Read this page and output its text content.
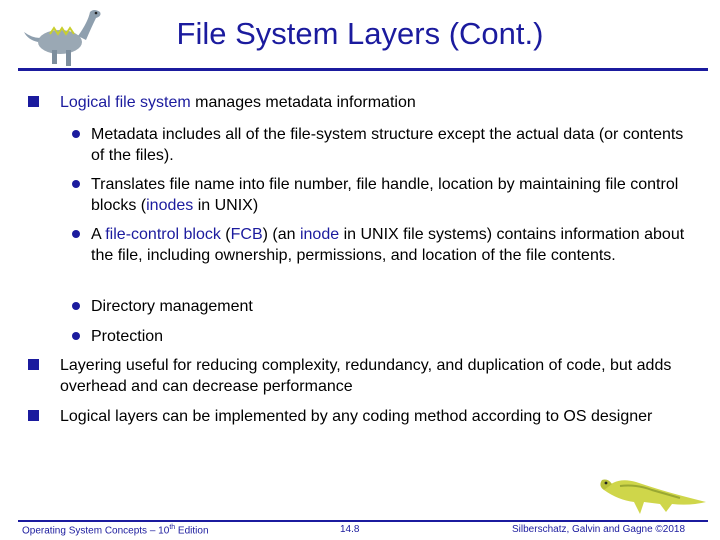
File System Layers (Cont.)
Logical file system manages metadata information
Metadata includes all of the file-system structure except the actual data (or contents of the files).
Translates file name into file number, file handle, location by maintaining file control blocks (inodes in UNIX)
A file-control block (FCB) (an inode in UNIX file systems) contains information about the file, including ownership, permissions, and location of the file contents.
Directory management
Protection
Layering useful for reducing complexity, redundancy, and duplication of code, but adds overhead and can decrease performance
Logical layers can be implemented by any coding method according to OS designer
Operating System Concepts – 10th Edition	14.8	Silberschatz, Galvin and Gagne ©2018
